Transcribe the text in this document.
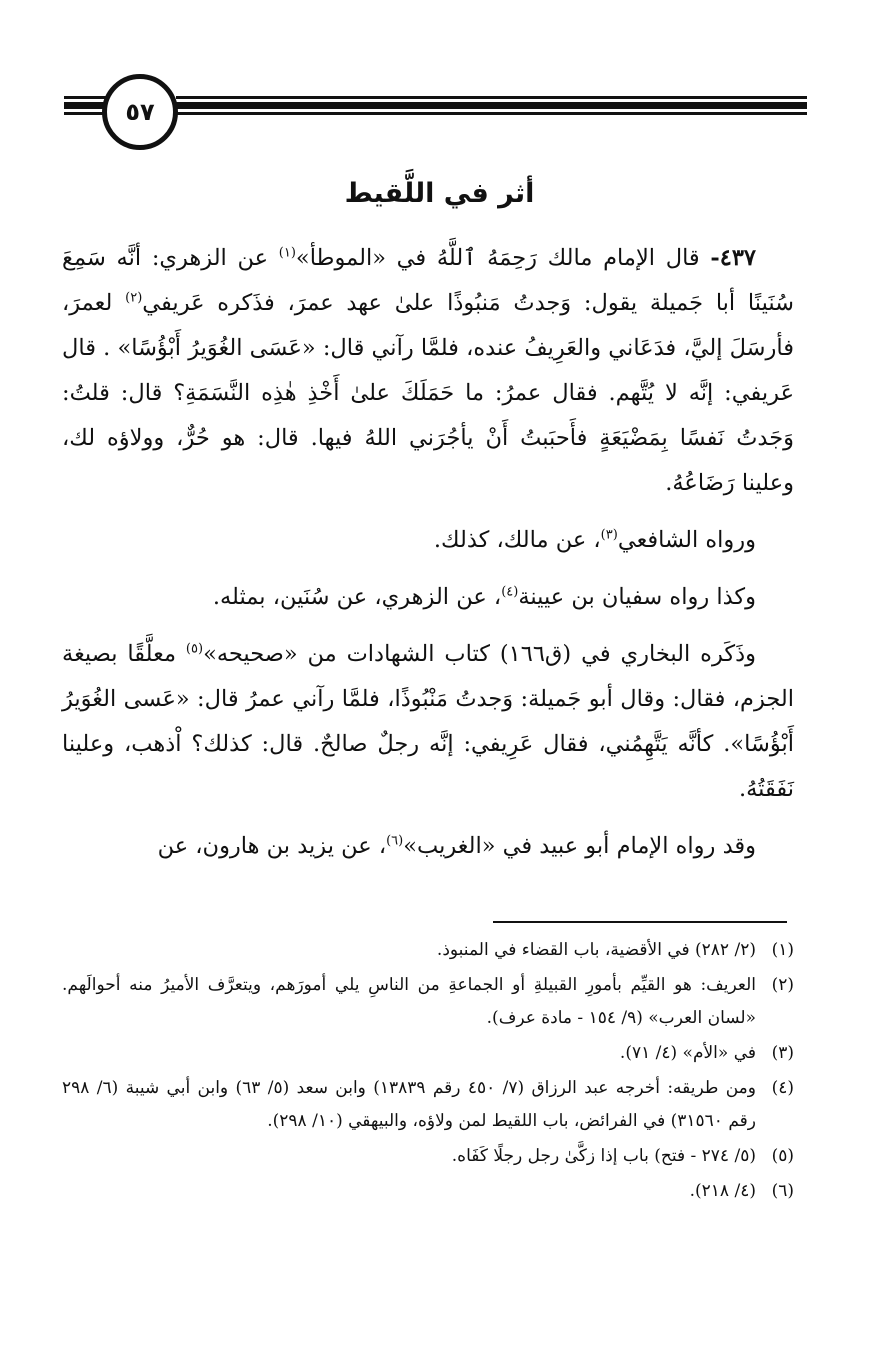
٥٧
أثر في اللَّقيط

٤٣٧- قال الإمام مالك رَحِمَهُ ٱللَّهُ في «الموطأ»$^{(١)}$ عن الزهري: أنَّه سَمِعَ سُنَينًا أبا جَميلة يقول: وَجدتُ مَنبُوذًا علىٰ عهد عمرَ، فذَكره عَريفي$^{(٢)}$ لعمرَ، فأرسَلَ إليَّ، فدَعَاني والعَرِيفُ عنده، فلمَّا رآني قال: «عَسَى الغُوَيرُ أَبْؤُسًا» . قال عَريفي: إنَّه لا يُتَّهم. فقال عمرُ: ما حَمَلَكَ علىٰ أَخْذِ هٰذِه النَّسَمَةِ؟ قال: قلتُ: وَجَدتُ نَفسًا بِمَضْيَعَةٍ فأَحبَبتُ أَنْ يأجُرَني اللهُ فيها. قال: هو حُرٌّ، وولاؤه لك، وعلينا رَضَاعُهُ.

ورواه الشافعي$^{(٣)}$، عن مالك، كذلك.

وكذا رواه سفيان بن عيينة$^{(٤)}$، عن الزهري، عن سُنَين، بمثله.

وذَكَره البخاري في (ق١٦٦) كتاب الشهادات من «صحيحه»$^{(٥)}$ معلَّقًا بصيغة الجزم، فقال: وقال أبو جَميلة: وَجدتُ مَنْبُوذًا، فلمَّا رآني عمرُ قال: «عَسى الغُوَيرُ أَبْؤُسًا». كأنَّه يَتَّهِمُني، فقال عَرِيفي: إنَّه رجلٌ صالحٌ. قال: كذلك؟ اْذهب، وعلينا نَفَقَتُهُ.

وقد رواه الإمام أبو عبيد في «الغريب»$^{(٦)}$، عن يزيد بن هارون، عن

(١)
(٢/ ٢٨٢) في الأقضية، باب القضاء في المنبوذ.
(٢)
العريف: هو القيِّم بأمورِ القبيلةِ أو الجماعةِ من الناسِ يلي أمورَهم، ويتعرَّف الأميرُ منه أحوالَهم. «لسان العرب» (٩/ ١٥٤ - مادة عرف).
(٣)
في «الأم» (٤/ ٧١).
(٤)
ومن طريقه: أخرجه عبد الرزاق (٧/ ٤٥٠ رقم ١٣٨٣٩) وابن سعد (٥/ ٦٣) وابن أبي شيبة (٦/ ٢٩٨ رقم ٣١٥٦٠) في الفرائض، باب اللقيط لمن ولاؤه، والبيهقي (١٠/ ٢٩٨).
(٥)
(٥/ ٢٧٤ - فتح) باب إذا زكَّىٰ رجل رجلًا كَفَاه.
(٦)
(٤/ ٢١٨).
